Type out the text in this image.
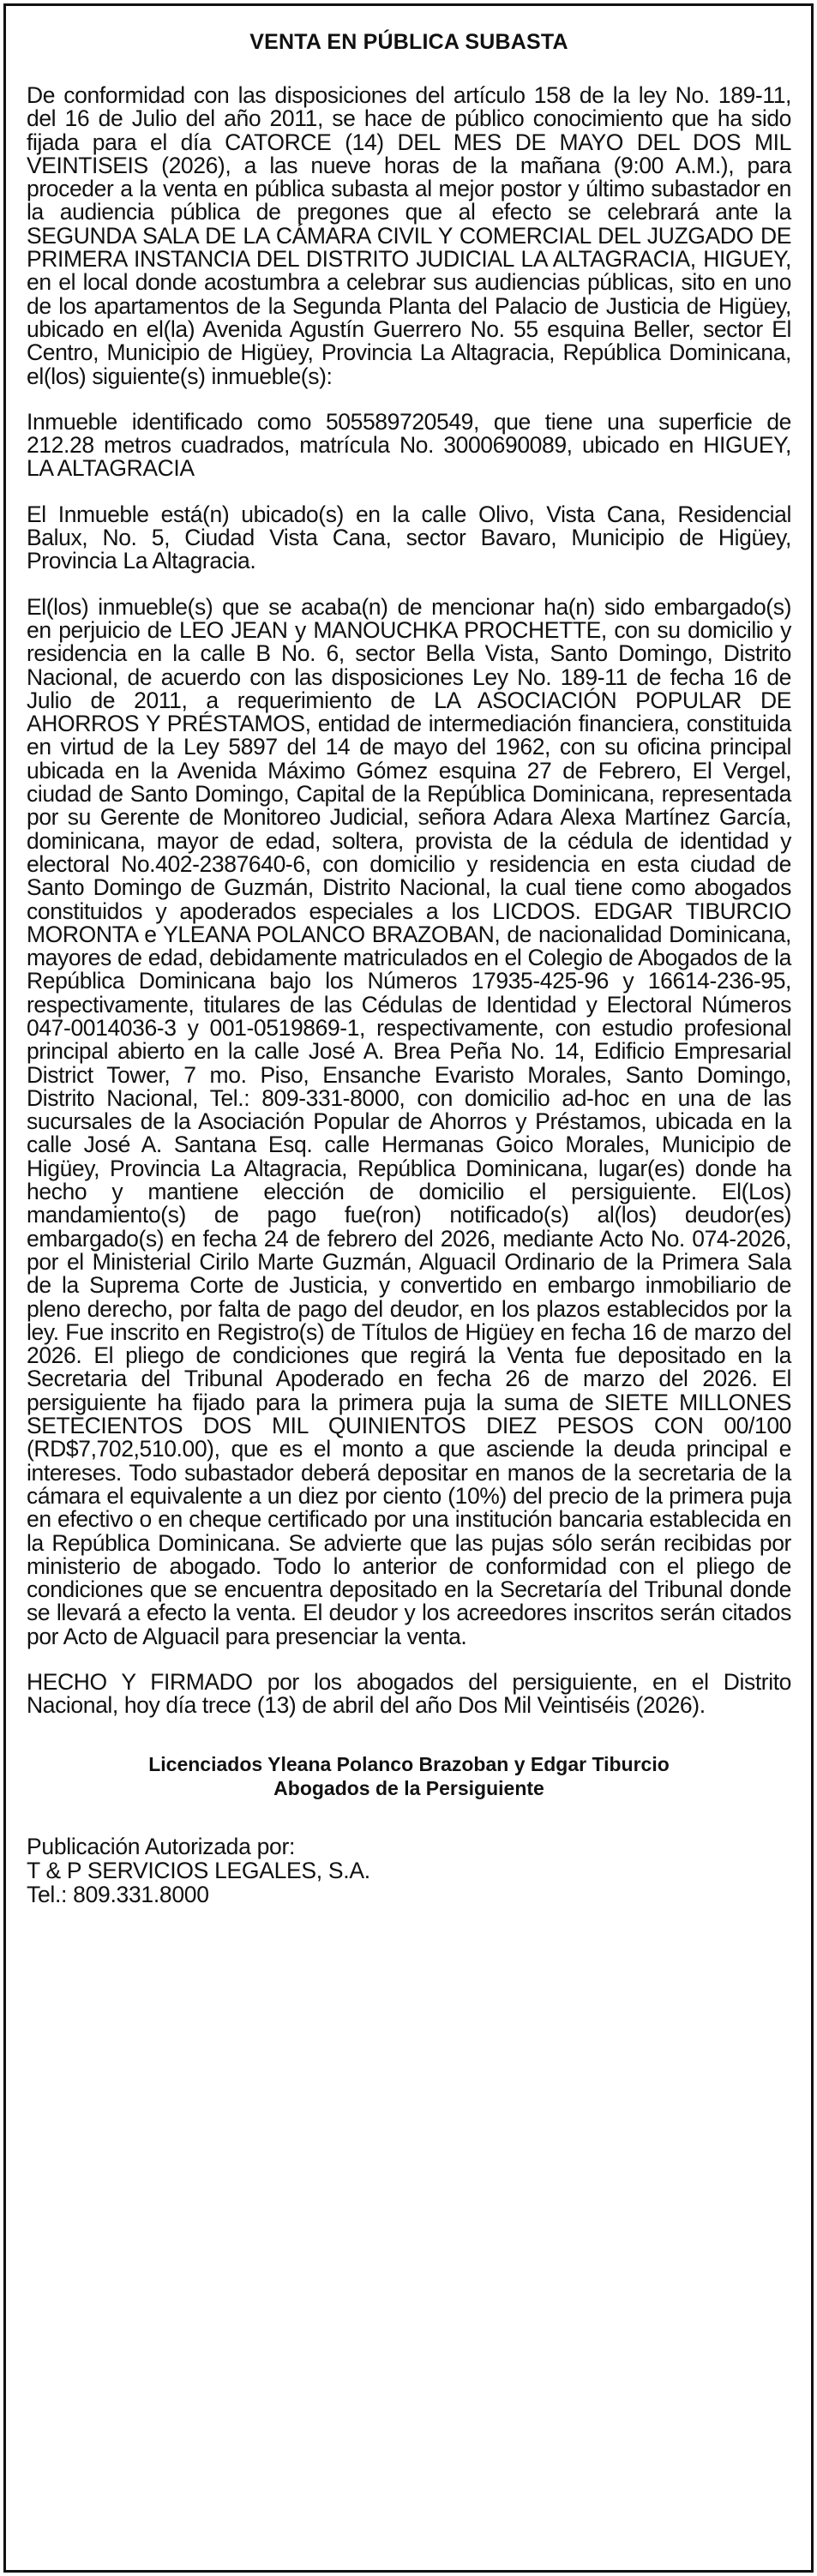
VENTA EN PÚBLICA SUBASTA

De conformidad con las disposiciones del artículo 158 de la ley No. 189-11, del 16 de Julio del año 2011, se hace de público conocimiento que ha sido fijada para el día CATORCE (14) DEL MES DE MAYO DEL DOS MIL VEINTISEIS (2026), a las nueve horas de la mañana (9:00 A.M.), para proceder a la venta en pública subasta al mejor postor y último subastador en la audiencia pública de pregones que al efecto se celebrará ante la SEGUNDA SALA DE LA CÁMARA CIVIL Y COMERCIAL DEL JUZGADO DE PRIMERA INSTANCIA DEL DISTRITO JUDICIAL LA ALTAGRACIA, HIGUEY, en el local donde acostumbra a celebrar sus audiencias públicas, sito en uno de los apartamentos de la Segunda Planta del Palacio de Justicia de Higüey, ubicado en el(la) Avenida Agustín Guerrero No. 55 esquina Beller, sector El Centro, Municipio de Higüey, Provincia La Altagracia, República Dominicana, el(los) siguiente(s) inmueble(s):

Inmueble identificado como 505589720549, que tiene una superficie de 212.28 metros cuadrados, matrícula No. 3000690089, ubicado en HIGUEY, LA ALTAGRACIA

El Inmueble está(n) ubicado(s) en la calle Olivo, Vista Cana, Residencial Balux, No. 5, Ciudad Vista Cana, sector Bavaro, Municipio de Higüey, Provincia La Altagracia.

El(los) inmueble(s) que se acaba(n) de mencionar ha(n) sido embargado(s) en perjuicio de LEO JEAN y MANOUCHKA PROCHETTE, con su domicilio y residencia en la calle B No. 6, sector Bella Vista, Santo Domingo, Distrito Nacional, de acuerdo con las disposiciones Ley No. 189-11 de fecha 16 de Julio de 2011, a requerimiento de LA ASOCIACIÓN POPULAR DE AHORROS Y PRÉSTAMOS, entidad de intermediación financiera, constituida en virtud de la Ley 5897 del 14 de mayo del 1962, con su oficina principal ubicada en la Avenida Máximo Gómez esquina 27 de Febrero, El Vergel, ciudad de Santo Domingo, Capital de la República Dominicana, representada por su Gerente de Monitoreo Judicial, señora Adara Alexa Martínez García, dominicana, mayor de edad, soltera, provista de la cédula de identidad y electoral No.402-2387640-6, con domicilio y residencia en esta ciudad de Santo Domingo de Guzmán, Distrito Nacional, la cual tiene como abogados constituidos y apoderados especiales a los LICDOS. EDGAR TIBURCIO MORONTA e YLEANA POLANCO BRAZOBAN, de nacionalidad Dominicana, mayores de edad, debidamente matriculados en el Colegio de Abogados de la República Dominicana bajo los Números 17935-425-96 y 16614-236-95, respectivamente, titulares de las Cédulas de Identidad y Electoral Números 047-0014036-3 y 001-0519869-1, respectivamente, con estudio profesional principal abierto en la calle José A. Brea Peña No. 14, Edificio Empresarial District Tower, 7 mo. Piso, Ensanche Evaristo Morales, Santo Domingo, Distrito Nacional, Tel.: 809-331-8000, con domicilio ad-hoc en una de las sucursales de la Asociación Popular de Ahorros y Préstamos, ubicada en la calle José A. Santana Esq. calle Hermanas Goico Morales, Municipio de Higüey, Provincia La Altagracia, República Dominicana, lugar(es) donde ha hecho y mantiene elección de domicilio el persiguiente. El(Los) mandamiento(s) de pago fue(ron) notificado(s) al(los) deudor(es) embargado(s) en fecha 24 de febrero del 2026, mediante Acto No. 074-2026, por el Ministerial Cirilo Marte Guzmán, Alguacil Ordinario de la Primera Sala de la Suprema Corte de Justicia, y convertido en embargo inmobiliario de pleno derecho, por falta de pago del deudor, en los plazos establecidos por la ley. Fue inscrito en Registro(s) de Títulos de Higüey en fecha 16 de marzo del 2026. El pliego de condiciones que regirá la Venta fue depositado en la Secretaria del Tribunal Apoderado en fecha 26 de marzo del 2026. El persiguiente ha fijado para la primera puja la suma de SIETE MILLONES SETECIENTOS DOS MIL QUINIENTOS DIEZ PESOS CON 00/100 (RD$7,702,510.00), que es el monto a que asciende la deuda principal e intereses. Todo subastador deberá depositar en manos de la secretaria de la cámara el equivalente a un diez por ciento (10%) del precio de la primera puja en efectivo o en cheque certificado por una institución bancaria establecida en la República Dominicana. Se advierte que las pujas sólo serán recibidas por ministerio de abogado. Todo lo anterior de conformidad con el pliego de condiciones que se encuentra depositado en la Secretaría del Tribunal donde se llevará a efecto la venta. El deudor y los acreedores inscritos serán citados por Acto de Alguacil para presenciar la venta.

HECHO Y FIRMADO por los abogados del persiguiente, en el Distrito Nacional, hoy día trece (13) de abril del año Dos Mil Veintiséis (2026).

Licenciados Yleana Polanco Brazoban y Edgar Tiburcio
Abogados de la Persiguiente
Publicación Autorizada por:
T & P SERVICIOS LEGALES, S.A.
Tel.: 809.331.8000
